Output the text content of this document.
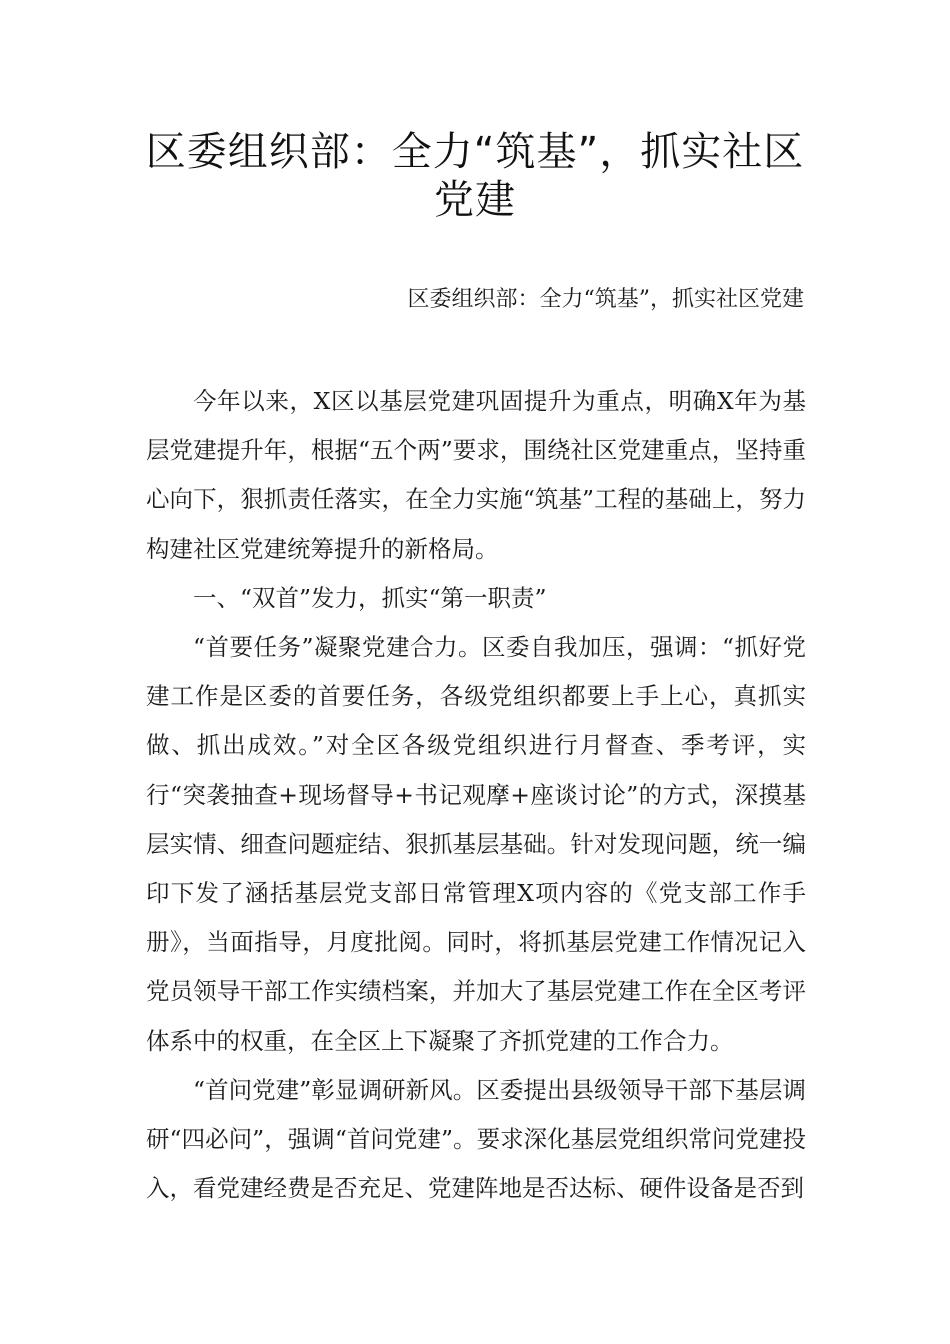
区委组织部：全力“筑基”，抓实社区
党建
区委组织部：全力“筑基”，抓实社区党建

今年以来，X区以基层党建巩固提升为重点，明确X年为基层党建提升年，根据“五个两”要求，围绕社区党建重点，坚持重心向下，狠抓责任落实，在全力实施“筑基”工程的基础上，努力构建社区党建统筹提升的新格局。

一、“双首”发力，抓实“第一职责”

“首要任务”凝聚党建合力。区委自我加压，强调：“抓好党建工作是区委的首要任务，各级党组织都要上手上心，真抓实做、抓出成效。”对全区各级党组织进行月督查、季考评，实行“突袭抽查+现场督导+书记观摩+座谈讨论”的方式，深摸基层实情、细查问题症结、狠抓基层基础。针对发现问题，统一编印下发了涵括基层党支部日常管理X项内容的《党支部工作手册》，当面指导，月度批阅。同时，将抓基层党建工作情况记入党员领导干部工作实绩档案，并加大了基层党建工作在全区考评体系中的权重，在全区上下凝聚了齐抓党建的工作合力。

“首问党建”彰显调研新风。区委提出县级领导干部下基层调研“四必问”，强调“首问党建”。要求深化基层党组织常问党建投入，看党建经费是否充足、党建阵地是否达标、硬件设备是否到
